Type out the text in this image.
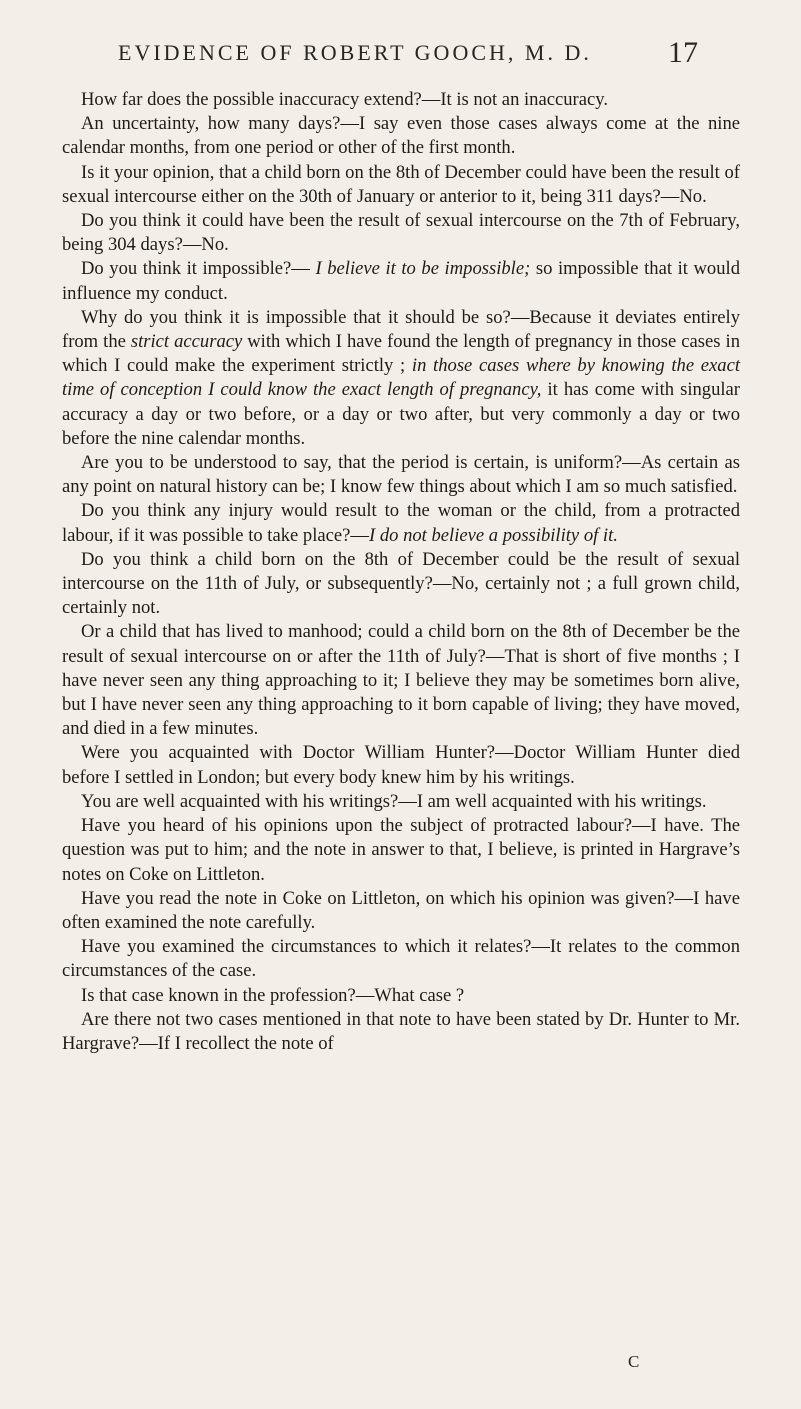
EVIDENCE OF ROBERT GOOCH, M. D.	17

How far does the possible inaccuracy extend?—It is not an inaccuracy.

An uncertainty, how many days?—I say even those cases always come at the nine calendar months, from one period or other of the first month.

Is it your opinion, that a child born on the 8th of December could have been the result of sexual intercourse either on the 30th of January or anterior to it, being 311 days?—No.

Do you think it could have been the result of sexual intercourse on the 7th of February, being 304 days?—No.

Do you think it impossible?— I believe it to be impossible; so impossible that it would influence my conduct.

Why do you think it is impossible that it should be so?—Because it deviates entirely from the strict accuracy with which I have found the length of pregnancy in those cases in which I could make the experiment strictly ; in those cases where by knowing the exact time of conception I could know the exact length of pregnancy, it has come with singular accuracy a day or two before, or a day or two after, but very commonly a day or two before the nine calendar months.

Are you to be understood to say, that the period is certain, is uniform?—As certain as any point on natural history can be; I know few things about which I am so much satisfied.

Do you think any injury would result to the woman or the child, from a protracted labour, if it was possible to take place?—I do not believe a possibility of it.

Do you think a child born on the 8th of December could be the result of sexual intercourse on the 11th of July, or subsequently?—No, certainly not ; a full grown child, certainly not.

Or a child that has lived to manhood; could a child born on the 8th of December be the result of sexual intercourse on or after the 11th of July?—That is short of five months ; I have never seen any thing approaching to it; I believe they may be sometimes born alive, but I have never seen any thing approaching to it born capable of living; they have moved, and died in a few minutes.

Were you acquainted with Doctor William Hunter?—Doctor William Hunter died before I settled in London; but every body knew him by his writings.

You are well acquainted with his writings?—I am well acquainted with his writings.

Have you heard of his opinions upon the subject of protracted labour?—I have. The question was put to him; and the note in answer to that, I believe, is printed in Hargrave’s notes on Coke on Littleton.

Have you read the note in Coke on Littleton, on which his opinion was given?—I have often examined the note carefully.

Have you examined the circumstances to which it relates?—It relates to the common circumstances of the case.

Is that case known in the profession?—What case ?

Are there not two cases mentioned in that note to have been stated by Dr. Hunter to Mr. Hargrave?—If I recollect the note of

C
